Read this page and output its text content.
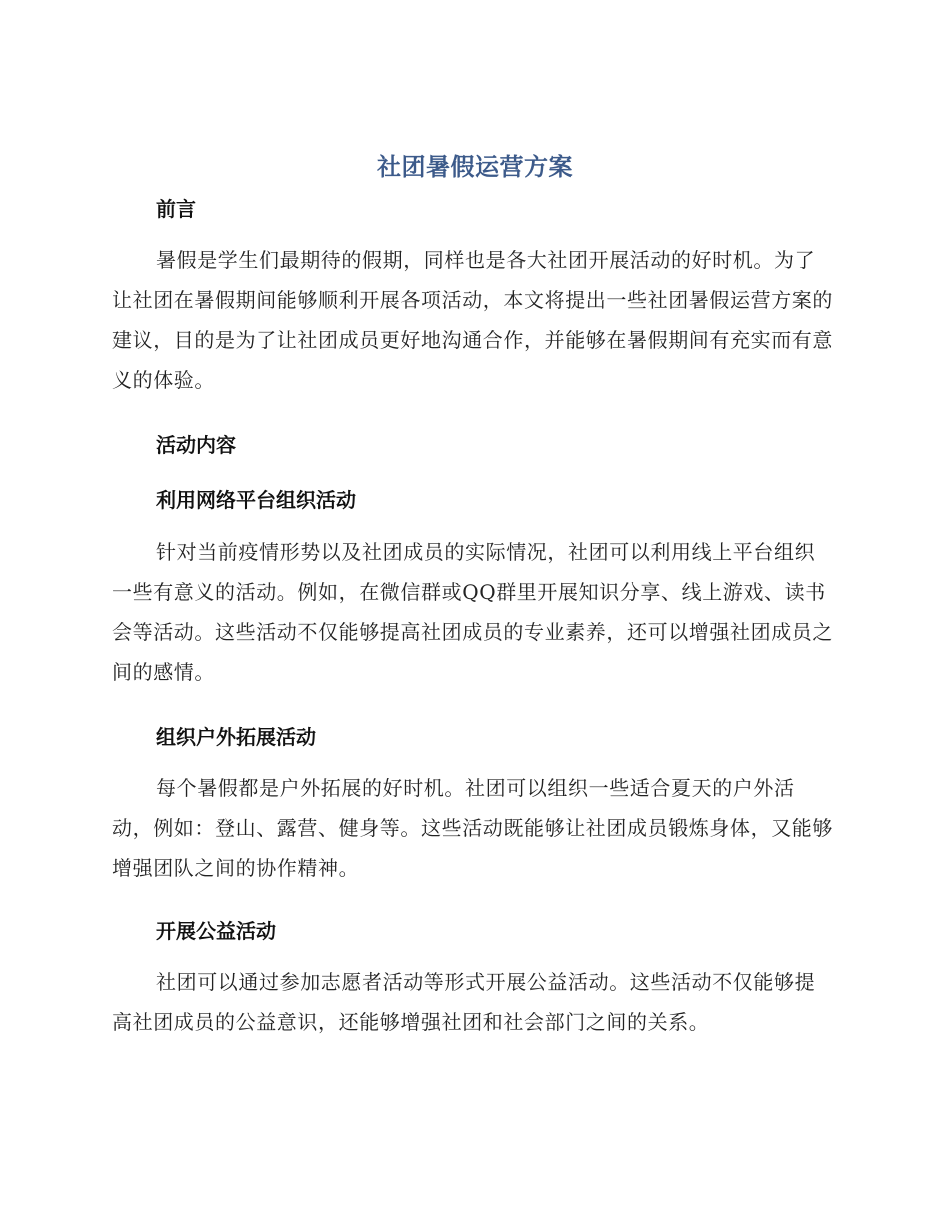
社团暑假运营方案
前言

暑假是学生们最期待的假期，同样也是各大社团开展活动的好时机。为了让社团在暑假期间能够顺利开展各项活动，本文将提出一些社团暑假运营方案的建议，目的是为了让社团成员更好地沟通合作，并能够在暑假期间有充实而有意义的体验。

活动内容
利用网络平台组织活动

针对当前疫情形势以及社团成员的实际情况，社团可以利用线上平台组织一些有意义的活动。例如，在微信群或QQ群里开展知识分享、线上游戏、读书会等活动。这些活动不仅能够提高社团成员的专业素养，还可以增强社团成员之间的感情。

组织户外拓展活动

每个暑假都是户外拓展的好时机。社团可以组织一些适合夏天的户外活动，例如：登山、露营、健身等。这些活动既能够让社团成员锻炼身体，又能够增强团队之间的协作精神。

开展公益活动

社团可以通过参加志愿者活动等形式开展公益活动。这些活动不仅能够提高社团成员的公益意识，还能够增强社团和社会部门之间的关系。
